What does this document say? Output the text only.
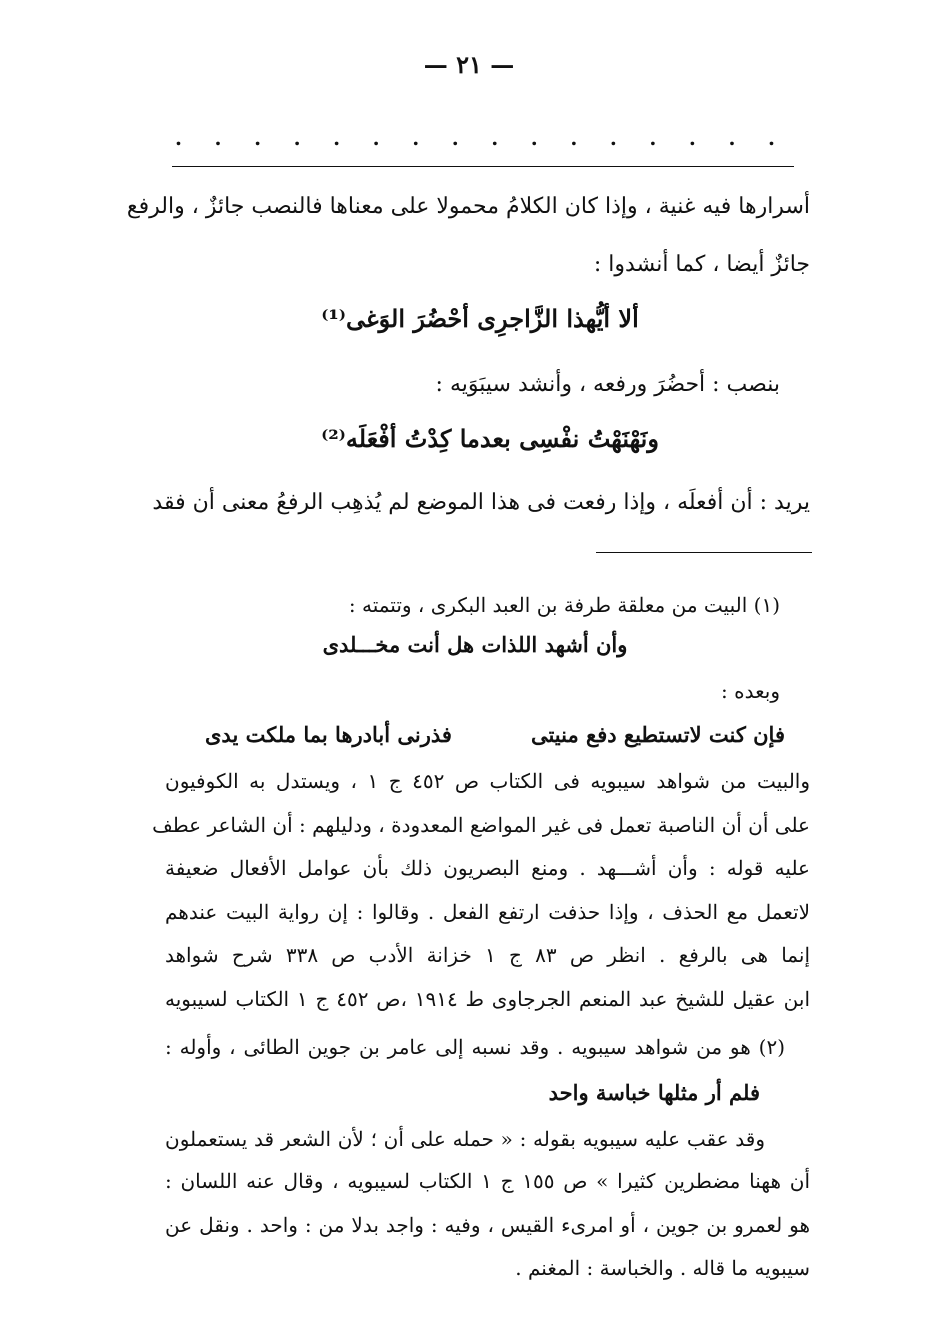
— ٢١ —
. . . . . . . . . . . . . . . .
أسرارها فيه غنية ، وإذا كان الكلامُ محمولا على معناها فالنصب جائزٌ ، والرفع
جائزٌ أيضا ، كما أنشدوا :
ألا أيُّهذا الزَّاجرِى أحْضُرَ الوَغى⁽¹⁾
بنصب : أحضُرَ ورفعه ، وأنشد سيبَوَيه :
ونَهْنَهْتُ نفْسِى بعدما كِدْتُ أفْعَلَه⁽²⁾
يريد : أن أفعلَه ، وإذا رفعت فى هذا الموضع لم يُذهِب الرفعُ معنى أن فقد
(١) البيت من معلقة طرفة بن العبد البكرى ، وتتمته :
وأن أشهد اللذات هل أنت مخـــلدى
وبعده :
فإن كنت لاتستطيع دفع منيتى
فذرنى أبادرها بما ملكت يدى
والبيت من شواهد سيبويه فى الكتاب ص ٤٥٢ ج ١ ، ويستدل به الكوفيون
على أن أن الناصبة تعمل فى غير المواضع المعدودة ، ودليلهم : أن الشاعر عطف
عليه قوله : وأن أشـــهد . ومنع البصريون ذلك بأن عوامل الأفعال ضعيفة
لاتعمل مع الحذف ، وإذا حذفت ارتفع الفعل . وقالوا : إن رواية البيت عندهم
إنما هى بالرفع . انظر ص ٨٣ ج ١ خزانة الأدب ص ٣٣٨ شرح شواهد
ابن عقيل للشيخ عبد المنعم الجرجاوى ط ١٩١٤ ،ص ٤٥٢ ج ١ الكتاب لسيبويه
(٢) هو من شواهد سيبويه . وقد نسبه إلى عامر بن جوين الطائى ، وأوله :
فلم أر مثلها خباسة واحد
وقد عقب عليه سيبويه بقوله : « حمله على أن ؛ لأن الشعر قد يستعملون
أن ههنا مضطرين كثيرا » ص ١٥٥ ج ١ الكتاب لسيبويه ، وقال عنه اللسان :
هو لعمرو بن جوين ، أو امرىء القيس ، وفيه : واجد بدلا من : واحد . ونقل عن
سيبويه ما قاله . والخباسة : المغنم .
